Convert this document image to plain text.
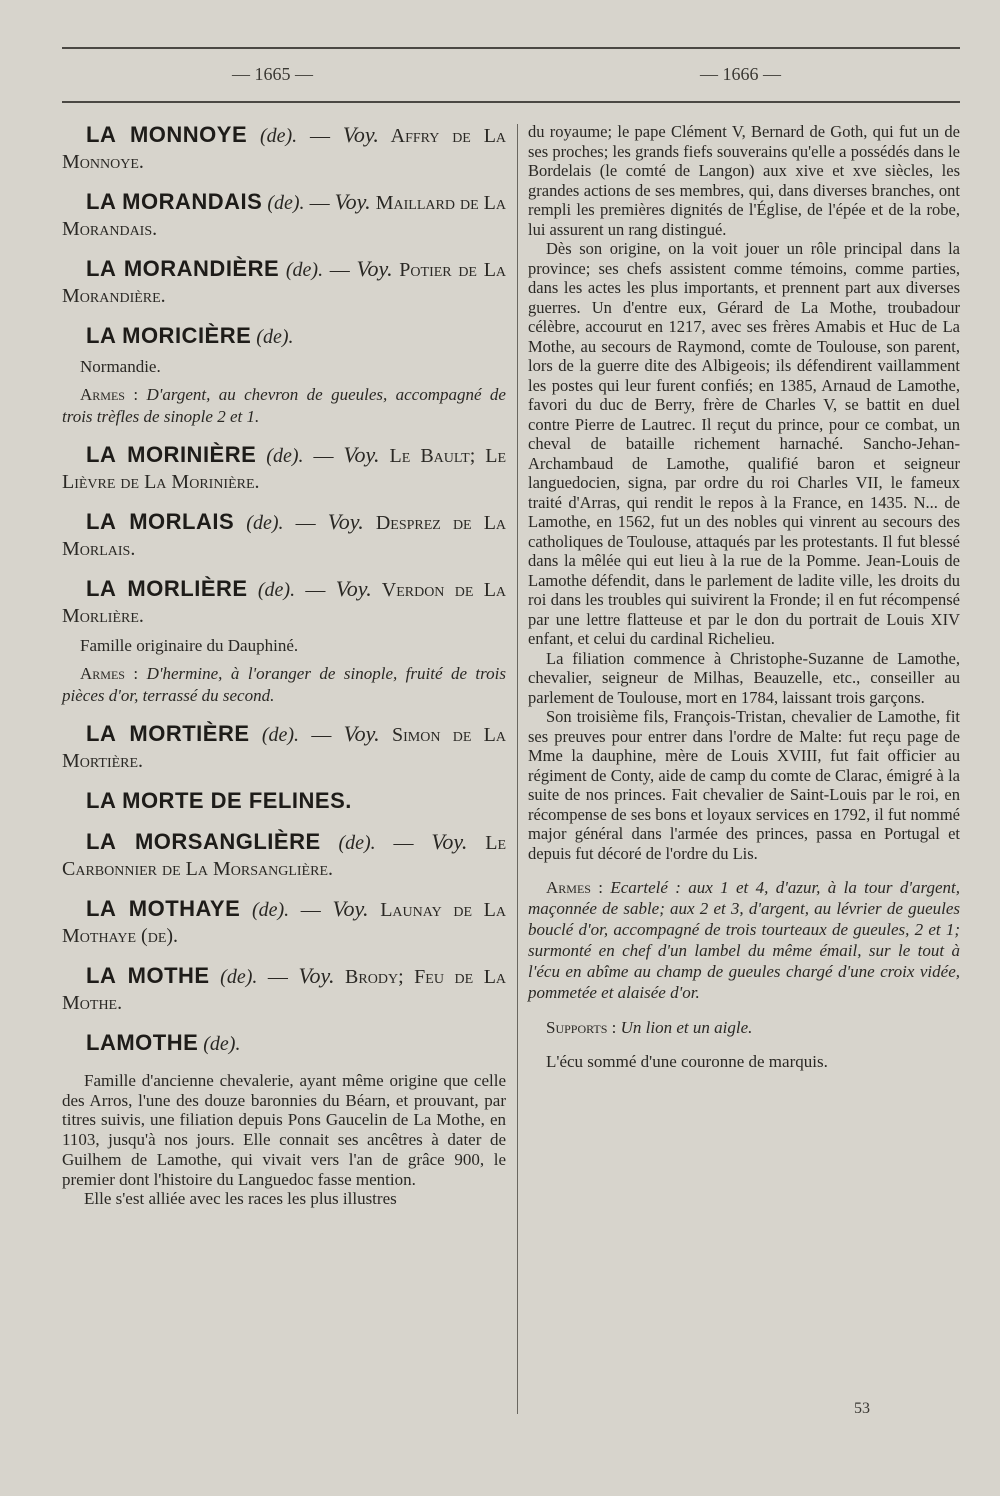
— 1665 —	— 1666 —

LA MONNOYE (de). — Voy. Affry de La Monnoye.

LA MORANDAIS (de). — Voy. Maillard de La Morandais.

LA MORANDIÈRE (de). — Voy. Potier de La Morandière.

LA MORICIÈRE (de).

Normandie.

Armes : D'argent, au chevron de gueules, accompagné de trois trèfles de sinople 2 et 1.

LA MORINIÈRE (de). — Voy. Le Bault; Le Lièvre de La Morinière.

LA MORLAIS (de). — Voy. Desprez de La Morlais.

LA MORLIÈRE (de). — Voy. Verdon de La Morlière.

Famille originaire du Dauphiné.

Armes : D'hermine, à l'oranger de sinople, fruité de trois pièces d'or, terrassé du second.

LA MORTIÈRE (de). — Voy. Simon de La Mortière.

LA MORTE DE FELINES.

LA MORSANGLIÈRE (de). — Voy. Le Carbonnier de La Morsanglière.

LA MOTHAYE (de). — Voy. Launay de La Mothaye (de).

LA MOTHE (de). — Voy. Brody; Feu de La Mothe.

LAMOTHE (de).

Famille d'ancienne chevalerie, ayant même origine que celle des Arros, l'une des douze baronnies du Béarn, et prouvant, par titres suivis, une filiation depuis Pons Gaucelin de La Mothe, en 1103, jusqu'à nos jours. Elle connait ses ancêtres à dater de Guilhem de Lamothe, qui vivait vers l'an de grâce 900, le premier dont l'histoire du Languedoc fasse mention.

Elle s'est alliée avec les races les plus illustres

du royaume; le pape Clément V, Bernard de Goth, qui fut un de ses proches; les grands fiefs souverains qu'elle a possédés dans le Bordelais (le comté de Langon) aux xive et xve siècles, les grandes actions de ses membres, qui, dans diverses branches, ont rempli les premières dignités de l'Église, de l'épée et de la robe, lui assurent un rang distingué.

Dès son origine, on la voit jouer un rôle principal dans la province; ses chefs assistent comme témoins, comme parties, dans les actes les plus importants, et prennent part aux diverses guerres. Un d'entre eux, Gérard de La Mothe, troubadour célèbre, accourut en 1217, avec ses frères Amabis et Huc de La Mothe, au secours de Raymond, comte de Toulouse, son parent, lors de la guerre dite des Albigeois; ils défendirent vaillamment les postes qui leur furent confiés; en 1385, Arnaud de Lamothe, favori du duc de Berry, frère de Charles V, se battit en duel contre Pierre de Lautrec. Il reçut du prince, pour ce combat, un cheval de bataille richement harnaché. Sancho-Jehan-Archambaud de Lamothe, qualifié baron et seigneur languedocien, signa, par ordre du roi Charles VII, le fameux traité d'Arras, qui rendit le repos à la France, en 1435. N... de Lamothe, en 1562, fut un des nobles qui vinrent au secours des catholiques de Toulouse, attaqués par les protestants. Il fut blessé dans la mêlée qui eut lieu à la rue de la Pomme. Jean-Louis de Lamothe défendit, dans le parlement de ladite ville, les droits du roi dans les troubles qui suivirent la Fronde; il en fut récompensé par une lettre flatteuse et par le don du portrait de Louis XIV enfant, et celui du cardinal Richelieu.

La filiation commence à Christophe-Suzanne de Lamothe, chevalier, seigneur de Milhas, Beauzelle, etc., conseiller au parlement de Toulouse, mort en 1784, laissant trois garçons.

Son troisième fils, François-Tristan, chevalier de Lamothe, fit ses preuves pour entrer dans l'ordre de Malte: fut reçu page de Mme la dauphine, mère de Louis XVIII, fut fait officier au régiment de Conty, aide de camp du comte de Clarac, émigré à la suite de nos princes. Fait chevalier de Saint-Louis par le roi, en récompense de ses bons et loyaux services en 1792, il fut nommé major général dans l'armée des princes, passa en Portugal et depuis fut décoré de l'ordre du Lis.

Armes : Ecartelé : aux 1 et 4, d'azur, à la tour d'argent, maçonnée de sable; aux 2 et 3, d'argent, au lévrier de gueules bouclé d'or, accompagné de trois tourteaux de gueules, 2 et 1; surmonté en chef d'un lambel du même émail, sur le tout à l'écu en abîme au champ de gueules chargé d'une croix vidée, pommetée et alaisée d'or.

Supports : Un lion et un aigle.

L'écu sommé d'une couronne de marquis.

53
